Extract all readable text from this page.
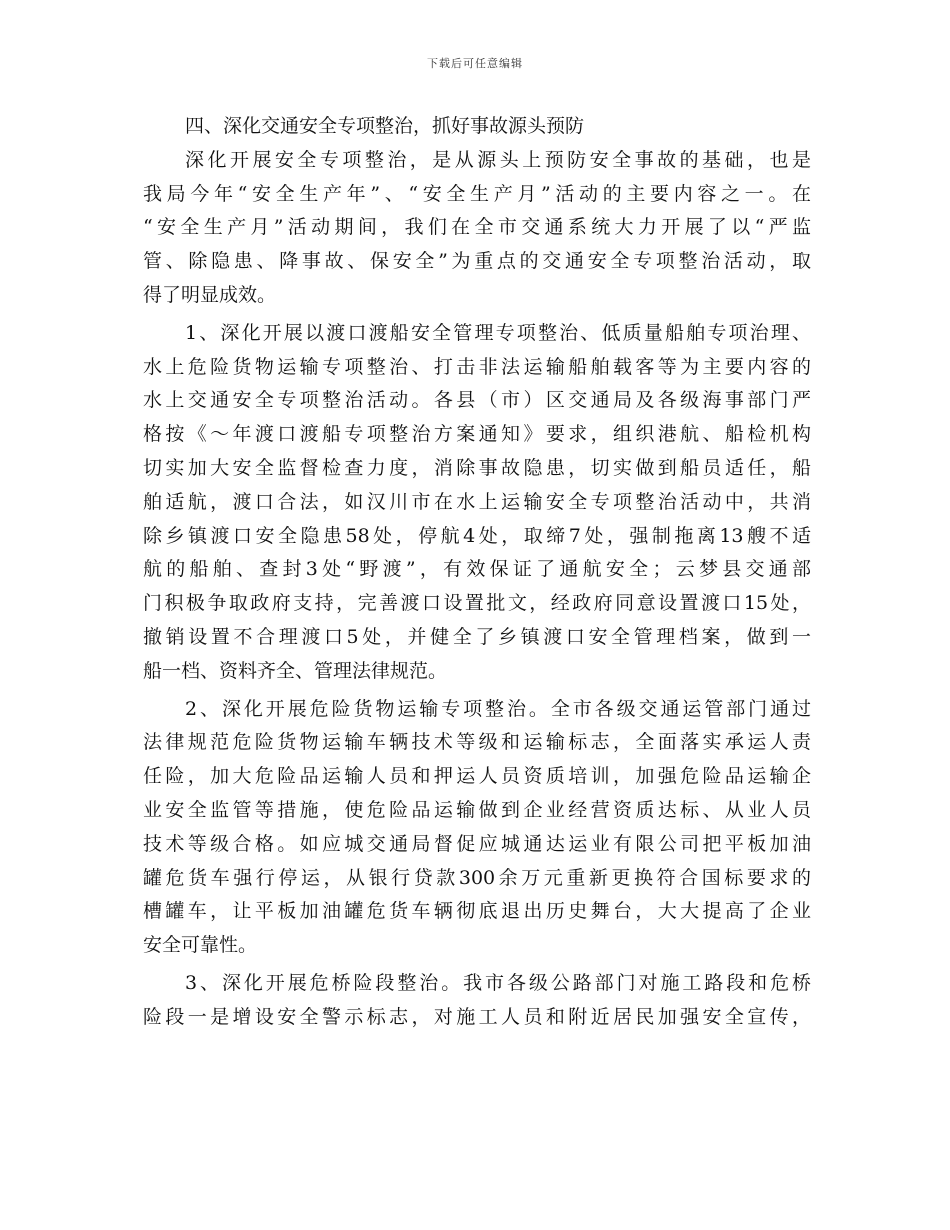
下载后可任意编辑
四、深化交通安全专项整治，抓好事故源头预防
深化开展安全专项整治，是从源头上预防安全事故的基础，也是
我局今年“安全生产年”、“安全生产月”活动的主要内容之一。在
“安全生产月”活动期间，我们在全市交通系统大力开展了以“严监
管、除隐患、降事故、保安全”为重点的交通安全专项整治活动，取
得了明显成效。
1、深化开展以渡口渡船安全管理专项整治、低质量船舶专项治理、
水上危险货物运输专项整治、打击非法运输船舶载客等为主要内容的
水上交通安全专项整治活动。各县（市）区交通局及各级海事部门严
格按《～年渡口渡船专项整治方案通知》要求，组织港航、船检机构
切实加大安全监督检查力度，消除事故隐患，切实做到船员适任，船
舶适航，渡口合法，如汉川市在水上运输安全专项整治活动中，共消
除乡镇渡口安全隐患58处，停航4处，取缔7处，强制拖离13艘不适
航的船舶、查封3处“野渡”，有效保证了通航安全；云梦县交通部
门积极争取政府支持，完善渡口设置批文，经政府同意设置渡口15处，
撤销设置不合理渡口5处，并健全了乡镇渡口安全管理档案，做到一
船一档、资料齐全、管理法律规范。
2、深化开展危险货物运输专项整治。全市各级交通运管部门通过
法律规范危险货物运输车辆技术等级和运输标志，全面落实承运人责
任险，加大危险品运输人员和押运人员资质培训，加强危险品运输企
业安全监管等措施，使危险品运输做到企业经营资质达标、从业人员
技术等级合格。如应城交通局督促应城通达运业有限公司把平板加油
罐危货车强行停运，从银行贷款300余万元重新更换符合国标要求的
槽罐车，让平板加油罐危货车辆彻底退出历史舞台，大大提高了企业
安全可靠性。
3、深化开展危桥险段整治。我市各级公路部门对施工路段和危桥
险段一是增设安全警示标志，对施工人员和附近居民加强安全宣传，
